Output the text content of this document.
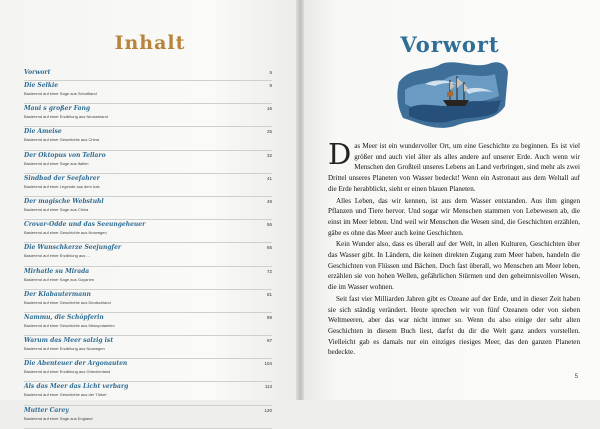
Inhalt
Vorwort	5
Die Selkie
Basierend auf einer Sage aus Schottland
9
Maui s großer Fang
Basierend auf einer Erzählung aus Neuseeland
16
Die Ameise
Basierend auf einer Geschichte aus China
25
Der Oktopus von Tellaro
Basierend auf einer Sage aus Italien
32
Sindbad der Seefahrer
Basierend auf einer Legende aus dem Irak
41
Der magische Webstuhl
Basierend auf einer Sage aus China
49
Crovar-Odde und das Seeungeheuer
Basierend auf einer Geschichte aus Norwegen
56
Die Wunschkerze Seejungfer
Basierend auf einer Erzählung aus ...
65
Mirhatle su Mirada
Basierend auf einer Sage aus Guyanen
72
Der Klabautermann
Basierend auf einer Geschichte aus Deutschland
81
Nammu, die Schöpferin
Basierend auf einer Geschichte aus Mesopotamien
89
Warum das Meer salzig ist
Basierend auf einer Erzählung aus Norwegen
97
Die Abenteuer der Argonauten
Basierend auf einer Erzählung aus Griechenland
104
Als das Meer das Licht verbarg
Basierend auf einer Geschichte aus der Türkei
113
Mutter Carey
Basierend auf einer Sage aus England
120
Vorwort

Das Meer ist ein wundervoller Ort, um eine Geschichte zu beginnen. Es ist viel größer und auch viel älter als alles andere auf unserer Erde. Auch wenn wir Menschen den Großteil unseres Lebens an Land verbringen, sind mehr als zwei Drittel unseres Planeten von Wasser bedeckt! Wenn ein Astronaut aus dem Weltall auf die Erde herabblickt, sieht er einen blauen Planeten.

Alles Leben, das wir kennen, ist aus dem Wasser entstanden. Aus ihm gingen Pflanzen und Tiere hervor. Und sogar wir Menschen stammen von Lebewesen ab, die einst im Meer lebten. Und weil wir Menschen die Wesen sind, die Geschichten erzählen, gäbe es ohne das Meer auch keine Geschichten.

Kein Wunder also, dass es überall auf der Welt, in allen Kulturen, Geschichten über das Wasser gibt. In Ländern, die keinen direkten Zugang zum Meer haben, handeln die Geschichten von Flüssen und Bächen. Doch fast überall, wo Menschen am Meer leben, erzählen sie von hohen Wellen, gefährlichen Stürmen und den geheimnisvollen Wesen, die im Wasser wohnen.

Seit fast vier Milliarden Jahren gibt es Ozeane auf der Erde, und in dieser Zeit haben sie sich ständig verändert. Heute sprechen wir von fünf Ozeanen oder von sieben Weltmeeren, aber das war nicht immer so. Wenn du also einige der sehr alten Geschichten in diesem Buch liest, darfst du dir die Welt ganz anders vorstellen. Vielleicht gab es damals nur ein einziges riesiges Meer, das den ganzen Planeten bedeckte.

5
